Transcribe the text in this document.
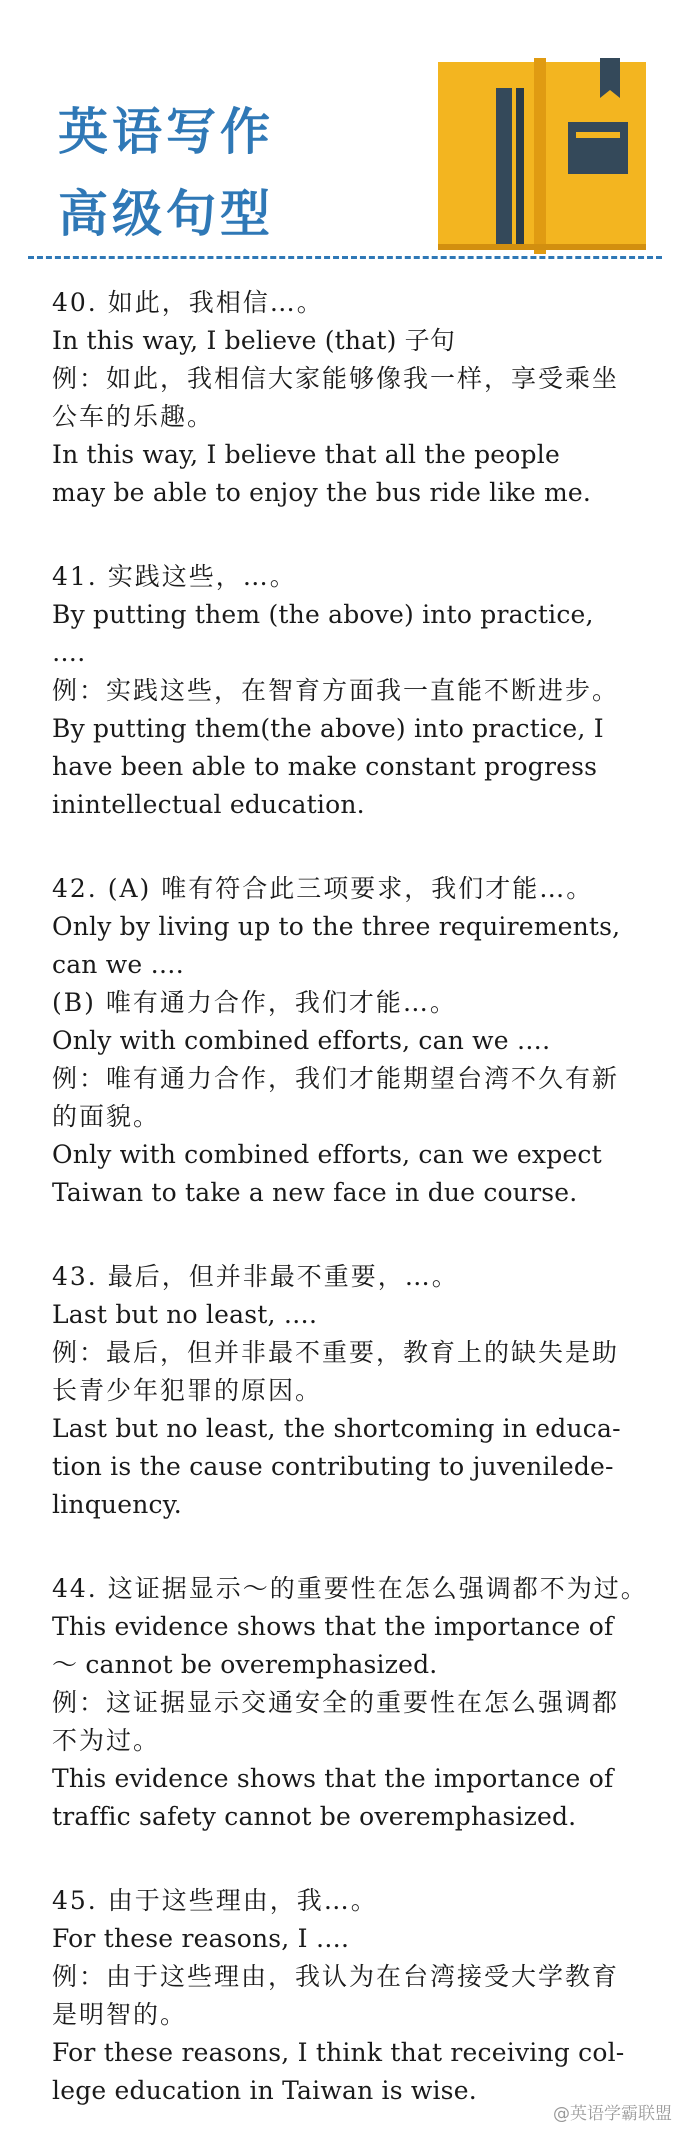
英语写作
高级句型
40. 如此，我相信…。
In this way, I believe (that) 子句
例：如此，我相信大家能够像我一样，享受乘坐
公车的乐趣。
In this way, I believe that all the people
may be able to enjoy the bus ride like me.
41. 实践这些，…。
By putting them (the above) into practice,
….
例：实践这些，在智育方面我一直能不断进步。
By putting them(the above) into practice, I
have been able to make constant progress
inintellectual education.
42. (A) 唯有符合此三项要求，我们才能…。
Only by living up to the three requirements,
can we ….
(B) 唯有通力合作，我们才能…。
Only with combined efforts, can we ….
例：唯有通力合作，我们才能期望台湾不久有新
的面貌。
Only with combined efforts, can we expect
Taiwan to take a new face in due course.
43. 最后，但并非最不重要，…。
Last but no least, ….
例：最后，但并非最不重要，教育上的缺失是助
长青少年犯罪的原因。
Last but no least, the shortcoming in educa-
tion is the cause contributing to juvenilede-
linquency.
44. 这证据显示～的重要性在怎么强调都不为过。
This evidence shows that the importance of
～ cannot be overemphasized.
例：这证据显示交通安全的重要性在怎么强调都
不为过。
This evidence shows that the importance of
traffic safety cannot be overemphasized.
45. 由于这些理由，我…。
For these reasons, I ….
例：由于这些理由，我认为在台湾接受大学教育
是明智的。
For these reasons, I think that receiving col-
lege education in Taiwan is wise.
@英语学霸联盟
